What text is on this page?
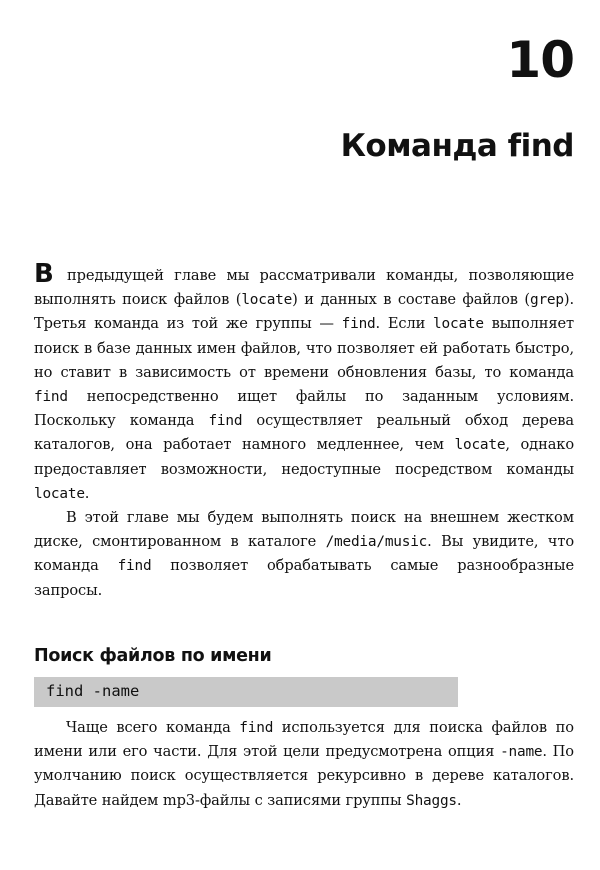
10
Команда find

В предыдущей главе мы рассматривали команды, позволяющие выполнять поиск файлов (locate) и данных в составе файлов (grep). Третья команда из той же группы — find. Если locate выполняет поиск в базе данных имен файлов, что позволяет ей работать быстро, но ставит в зависимость от времени обновления базы, то команда find непосредственно ищет файлы по заданным условиям. Поскольку команда find осуществляет реальный обход дерева каталогов, она работает намного медленнее, чем locate, однако предоставляет возможности, недоступные посредством команды locate.

В этой главе мы будем выполнять поиск на внешнем жестком диске, смонтированном в каталоге /media/music. Вы увидите, что команда find позволяет обрабатывать самые разнообразные запросы.

Поиск файлов по имени
find -name

Чаще всего команда find используется для поиска файлов по имени или его части. Для этой цели предусмотрена опция -name. По умолчанию поиск осуществляется рекурсивно в дереве каталогов. Давайте найдем mp3-файлы с записями группы Shaggs.
